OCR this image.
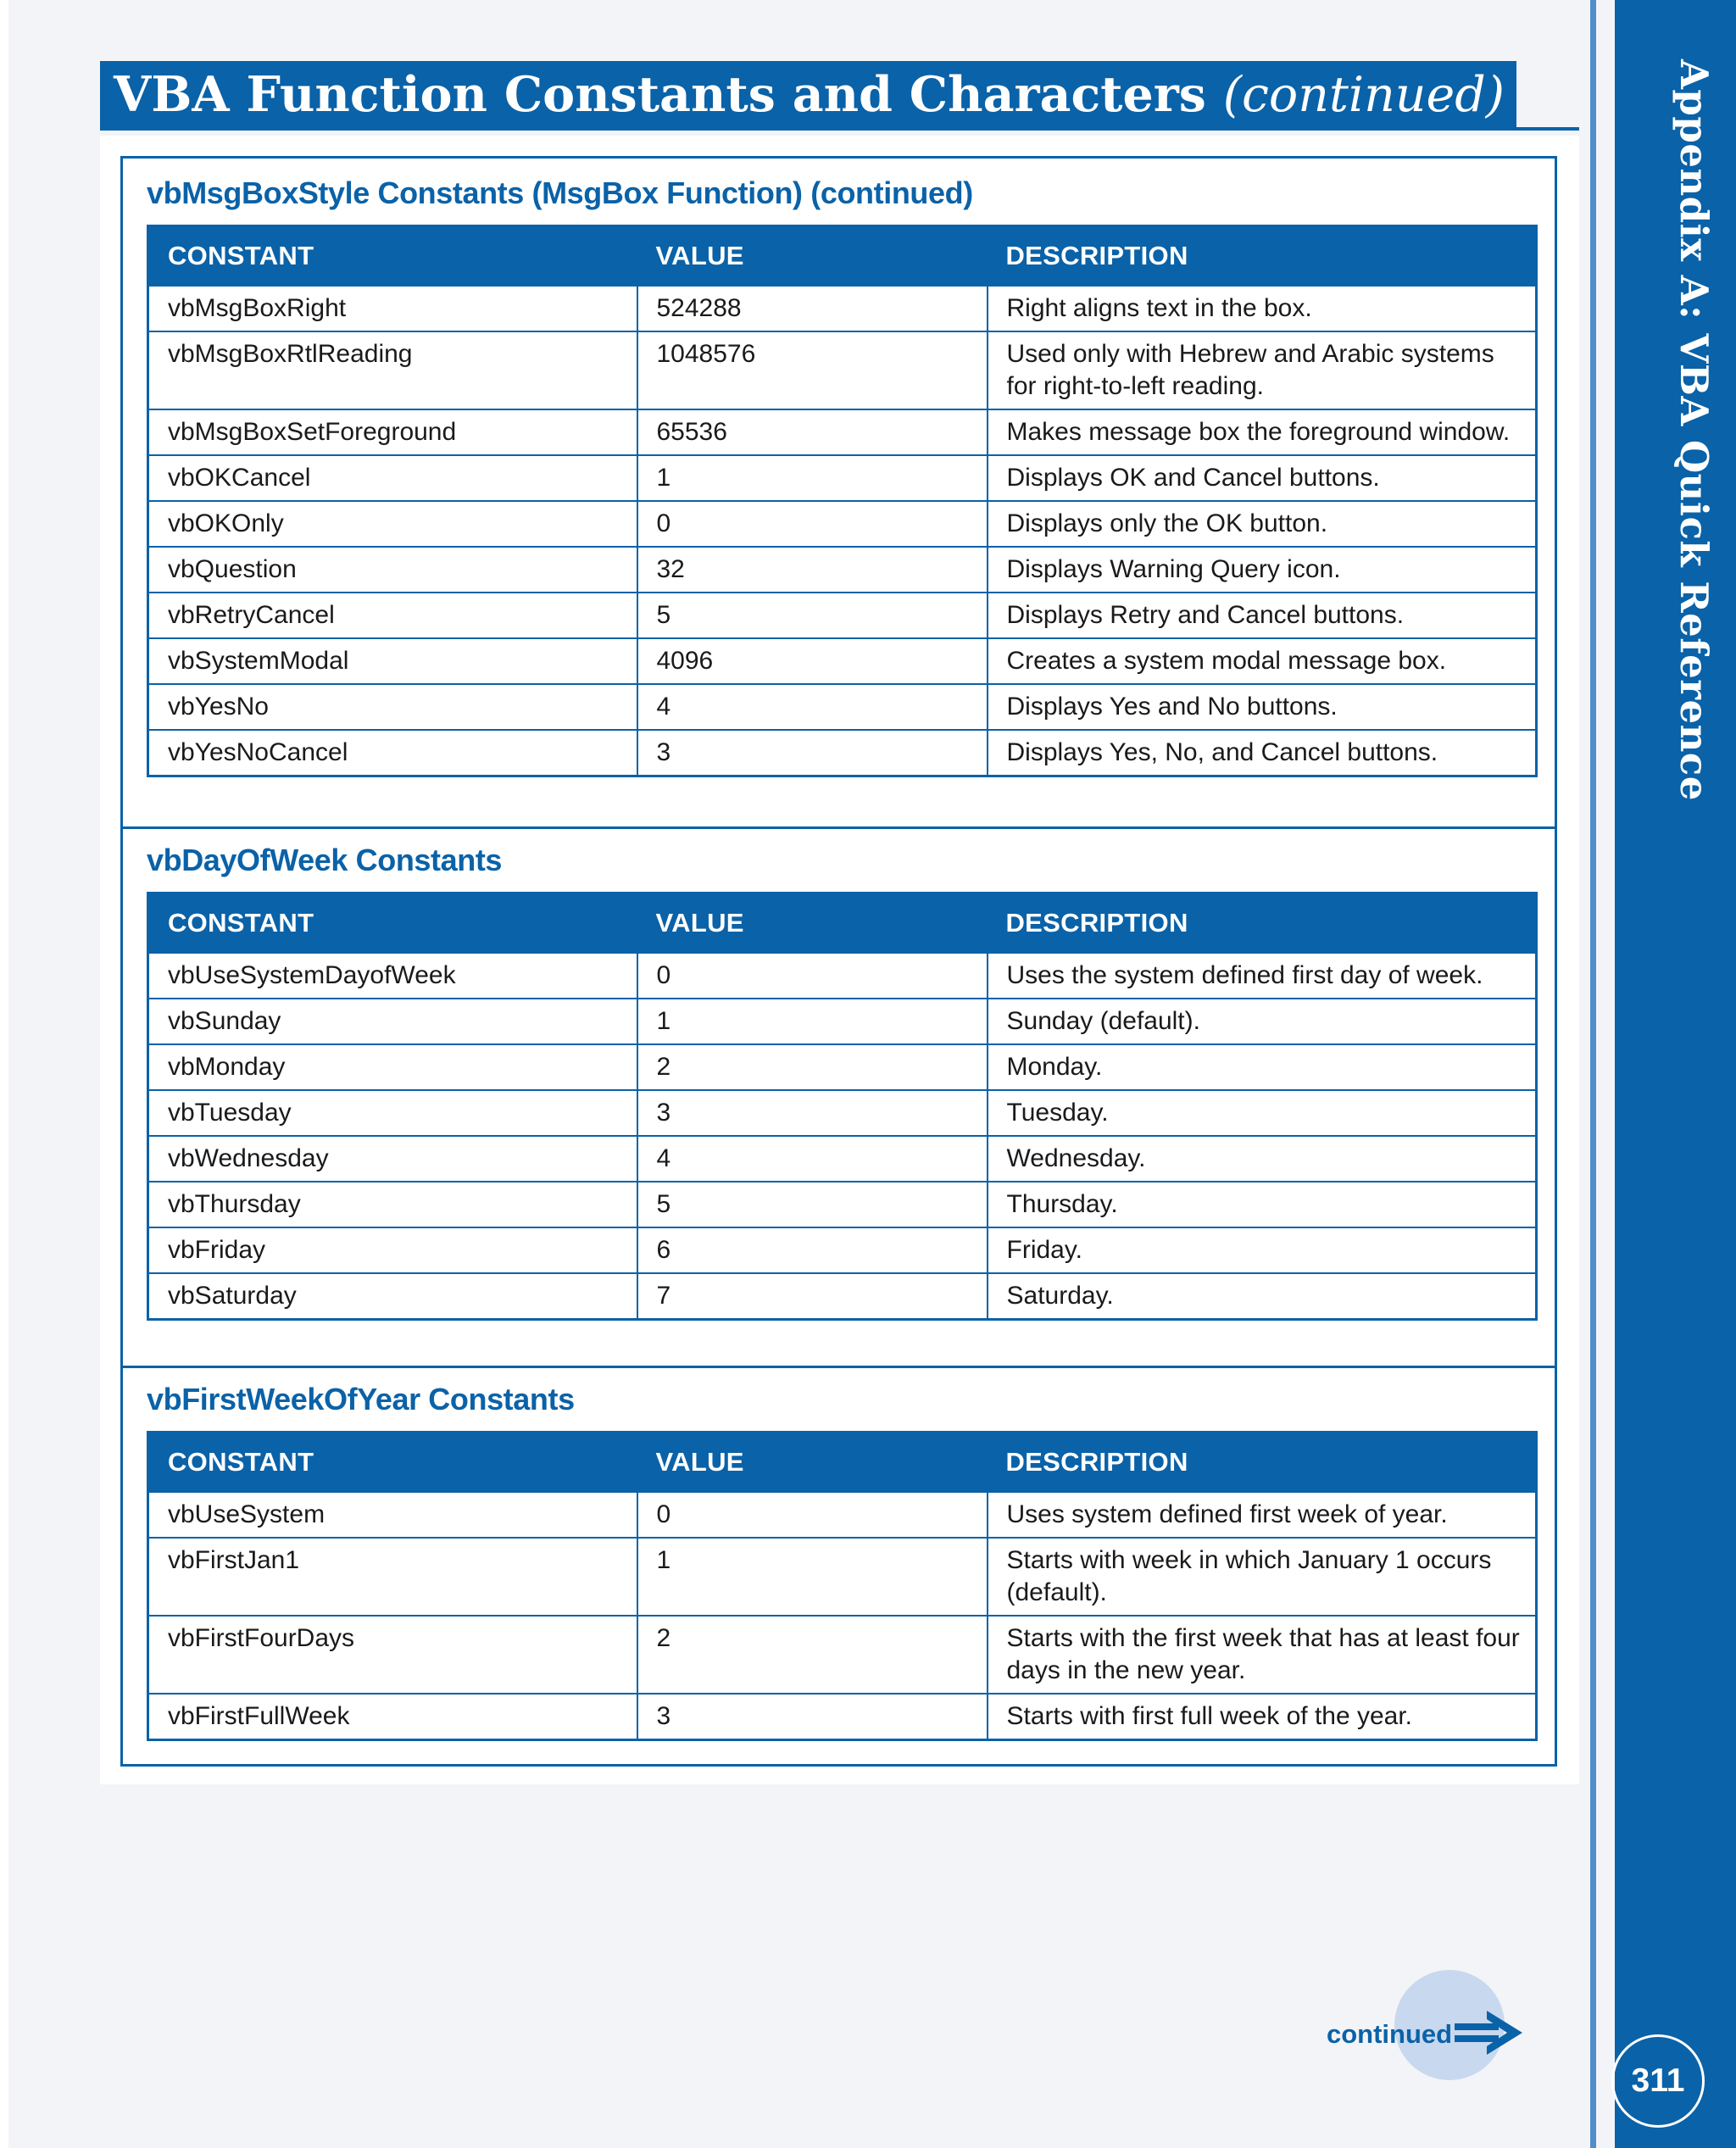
VBA Function Constants and Characters (continued)	Appendix A: VBA Quick Reference
311
vbMsgBoxStyle Constants (MsgBox Function) (continued)
CONSTANT	VALUE	DESCRIPTION
vbMsgBoxRight	524288	Right aligns text in the box.
vbMsgBoxRtlReading	1048576	Used only with Hebrew and Arabic systems for right-to-left reading.
vbMsgBoxSetForeground	65536	Makes message box the foreground window.
vbOKCancel	1	Displays OK and Cancel buttons.
vbOKOnly	0	Displays only the OK button.
vbQuestion	32	Displays Warning Query icon.
vbRetryCancel	5	Displays Retry and Cancel buttons.
vbSystemModal	4096	Creates a system modal message box.
vbYesNo	4	Displays Yes and No buttons.
vbYesNoCancel	3	Displays Yes, No, and Cancel buttons.
vbDayOfWeek Constants
CONSTANT	VALUE	DESCRIPTION
vbUseSystemDayofWeek	0	Uses the system defined first day of week.
vbSunday	1	Sunday (default).
vbMonday	2	Monday.
vbTuesday	3	Tuesday.
vbWednesday	4	Wednesday.
vbThursday	5	Thursday.
vbFriday	6	Friday.
vbSaturday	7	Saturday.
vbFirstWeekOfYear Constants
CONSTANT	VALUE	DESCRIPTION
vbUseSystem	0	Uses system defined first week of year.
vbFirstJan1	1	Starts with week in which January 1 occurs (default).
vbFirstFourDays	2	Starts with the first week that has at least four days in the new year.
vbFirstFullWeek	3	Starts with first full week of the year.
continued
